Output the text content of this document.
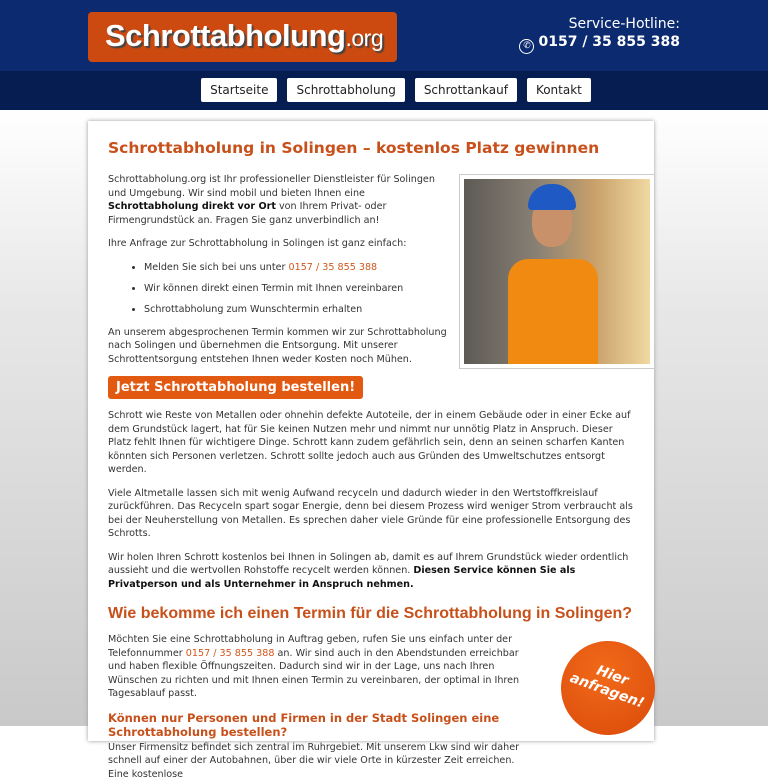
Schrottabholung.org
Service-Hotline:
✆ 0157 / 35 855 388
Startseite	Schrottabholung	Schrottankauf	Kontakt
Schrottabholung in Solingen – kostenlos Platz gewinnen

Schrottabholung.org ist Ihr professioneller Dienstleister für Solingen und Umgebung. Wir sind mobil und bieten Ihnen eine Schrottabholung direkt vor Ort von Ihrem Privat- oder Firmengrundstück an. Fragen Sie ganz unverbindlich an!

Ihre Anfrage zur Schrottabholung in Solingen ist ganz einfach:

• Melden Sie sich bei uns unter 0157 / 35 855 388
• Wir können direkt einen Termin mit Ihnen vereinbaren
• Schrottabholung zum Wunschtermin erhalten

An unserem abgesprochenen Termin kommen wir zur Schrottabholung nach Solingen und übernehmen die Entsorgung. Mit unserer Schrottentsorgung entstehen Ihnen weder Kosten noch Mühen.

Jetzt Schrottabholung bestellen!

Schrott wie Reste von Metallen oder ohnehin defekte Autoteile, der in einem Gebäude oder in einer Ecke auf dem Grundstück lagert, hat für Sie keinen Nutzen mehr und nimmt nur unnötig Platz in Anspruch. Dieser Platz fehlt Ihnen für wichtigere Dinge. Schrott kann zudem gefährlich sein, denn an seinen scharfen Kanten könnten sich Personen verletzen. Schrott sollte jedoch auch aus Gründen des Umweltschutzes entsorgt werden.

Viele Altmetalle lassen sich mit wenig Aufwand recyceln und dadurch wieder in den Wertstoffkreislauf zurückführen. Das Recyceln spart sogar Energie, denn bei diesem Prozess wird weniger Strom verbraucht als bei der Neuherstellung von Metallen. Es sprechen daher viele Gründe für eine professionelle Entsorgung des Schrotts.

Wir holen Ihren Schrott kostenlos bei Ihnen in Solingen ab, damit es auf Ihrem Grundstück wieder ordentlich aussieht und die wertvollen Rohstoffe recycelt werden können. Diesen Service können Sie als Privatperson und als Unternehmer in Anspruch nehmen.

Wie bekomme ich einen Termin für die Schrottabholung in Solingen?
Hier anfragen!

Möchten Sie eine Schrottabholung in Auftrag geben, rufen Sie uns einfach unter der Telefonnummer 0157 / 35 855 388 an. Wir sind auch in den Abendstunden erreichbar und haben flexible Öffnungszeiten. Dadurch sind wir in der Lage, uns nach Ihren Wünschen zu richten und mit Ihnen einen Termin zu vereinbaren, der optimal in Ihren Tagesablauf passt.

Können nur Personen und Firmen in der Stadt Solingen eine Schrottabholung bestellen?

Unser Firmensitz befindet sich zentral im Ruhrgebiet. Mit unserem Lkw sind wir daher schnell auf einer der Autobahnen, über die wir viele Orte in kürzester Zeit erreichen. Eine kostenlose
